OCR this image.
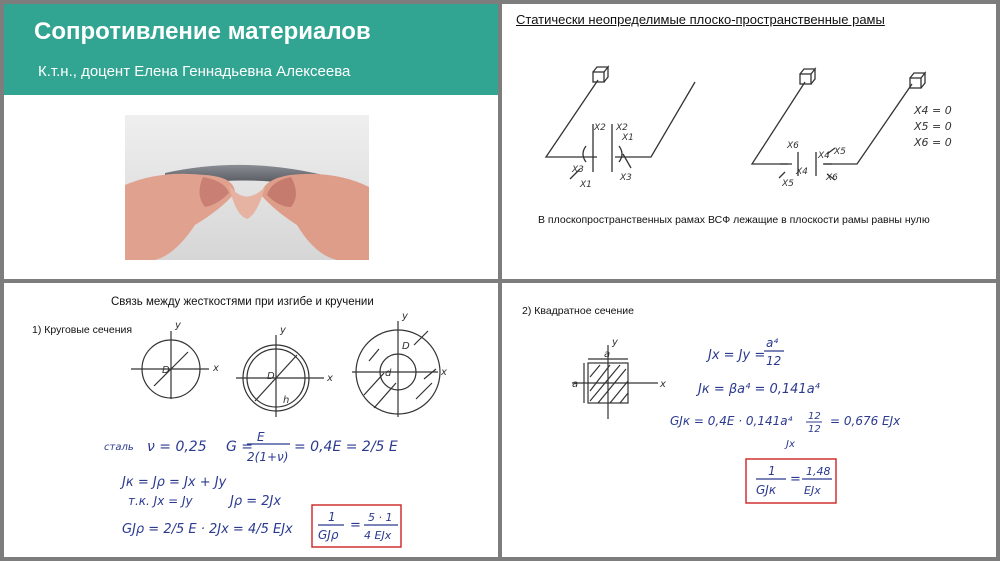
Сопротивление материалов
К.т.н., доцент Елена Геннадьевна Алексеева
Статически неопределимые плоско-пространственные рамы
X2 X2
X1
X3
X1
X3
X6
X4
X5
X4 X5
X6
X4 = 0
X5 = 0
X6 = 0
В плоскопространственных рамах ВСФ лежащие в плоскости рамы равны нулю
Связь между жесткостями при изгибе и кручении
1) Круговые сечения	y
x
y
x
y
x
D
D
h
d
D
сталь ν = 0,25 G =
E
2(1+ν)
= 0,4E = 2/5 E
Jк = Jρ = Jx + Jy
т.к. Jx = Jy	Jρ = 2Jx
GJρ = 2/5 E · 2Jx = 4/5 EJx
1
GJρ
=
5 · 1
4 EJx
2) Квадратное сечение
a
a
y
x
Jx = Jy =
a⁴
12
Jк = βa⁴ = 0,141a⁴
GJк = 0,4E · 0,141a⁴ 12
12
= 0,676 EJx
Jx
1
GJк
=
1,48
EJx
